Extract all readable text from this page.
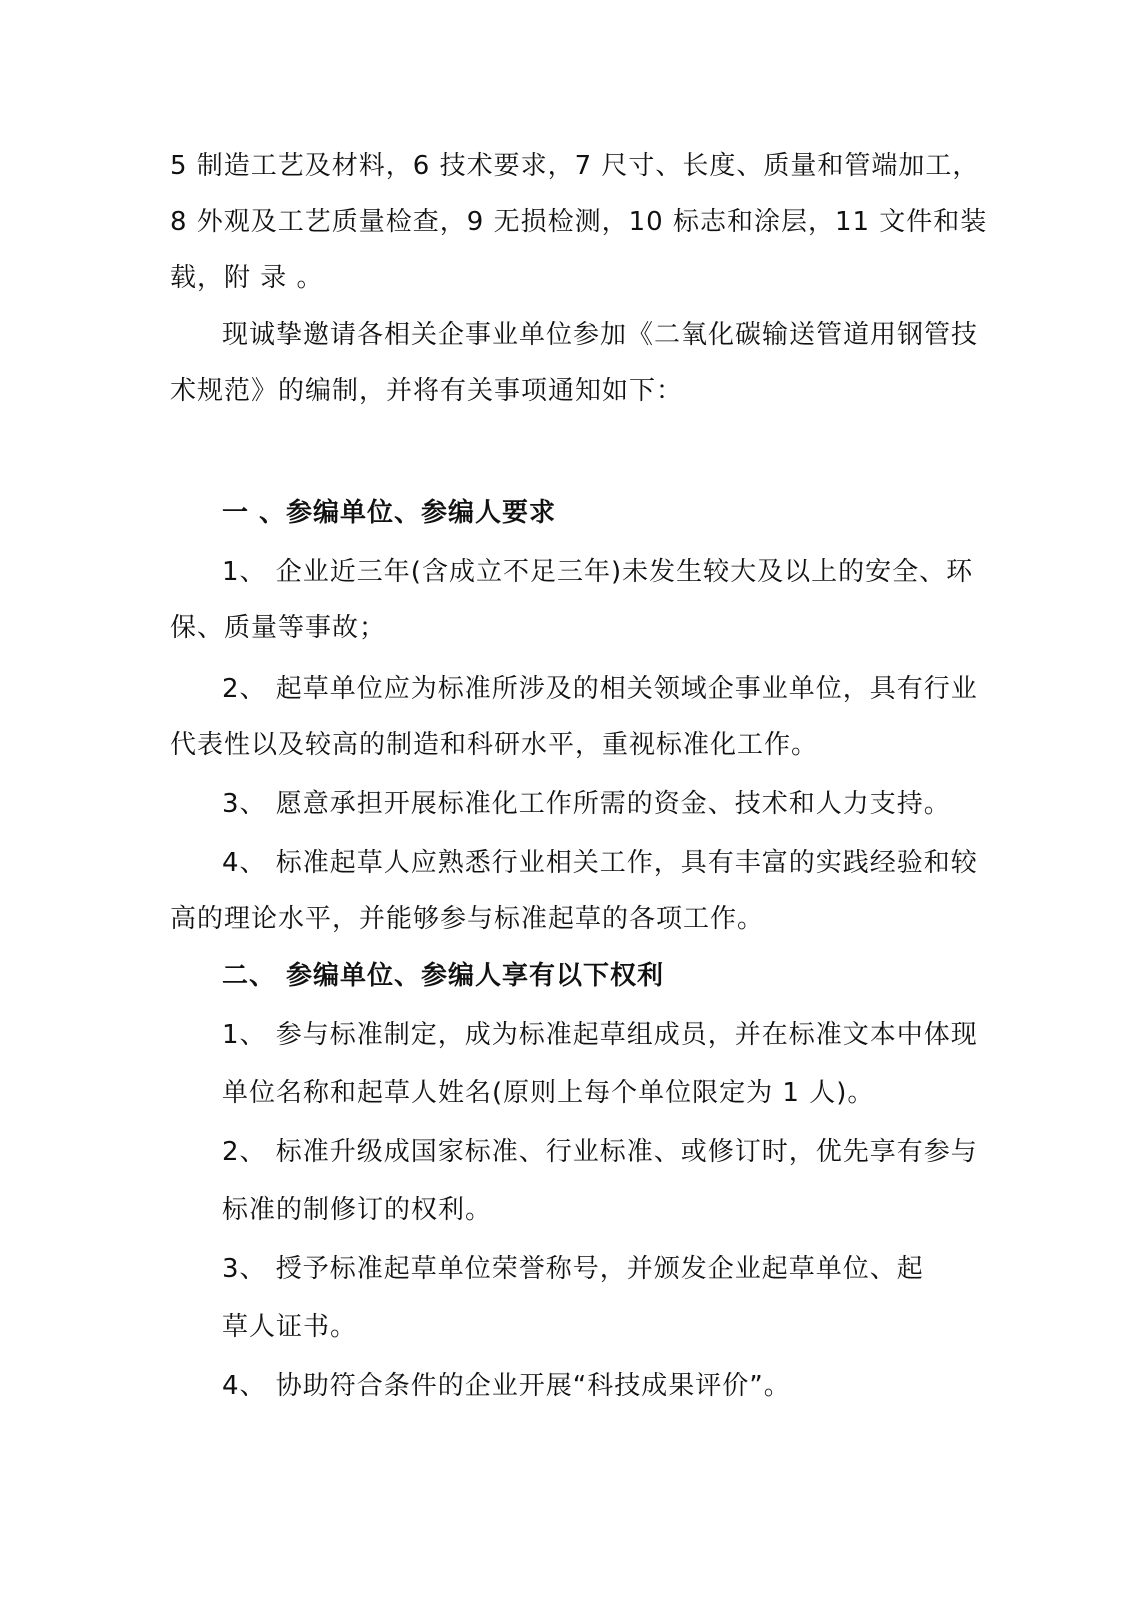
5 制造工艺及材料，6 技术要求，7 尺寸、长度、质量和管端加工，
8 外观及工艺质量检查，9 无损检测，10 标志和涂层，11 文件和装
载，附 录 。
现诚挚邀请各相关企事业单位参加《二氧化碳输送管道用钢管技
术规范》的编制，并将有关事项通知如下：
一 、参编单位、参编人要求
1、 企业近三年(含成立不足三年)未发生较大及以上的安全、环
保、质量等事故；
2、 起草单位应为标准所涉及的相关领域企事业单位，具有行业
代表性以及较高的制造和科研水平，重视标准化工作。
3、 愿意承担开展标准化工作所需的资金、技术和人力支持。
4、 标准起草人应熟悉行业相关工作，具有丰富的实践经验和较
高的理论水平，并能够参与标准起草的各项工作。
二、 参编单位、参编人享有以下权利
1、 参与标准制定，成为标准起草组成员，并在标准文本中体现
单位名称和起草人姓名(原则上每个单位限定为 1 人)。
2、 标准升级成国家标准、行业标准、或修订时，优先享有参与
标准的制修订的权利。
3、 授予标准起草单位荣誉称号，并颁发企业起草单位、起
草人证书。
4、 协助符合条件的企业开展“科技成果评价”。
